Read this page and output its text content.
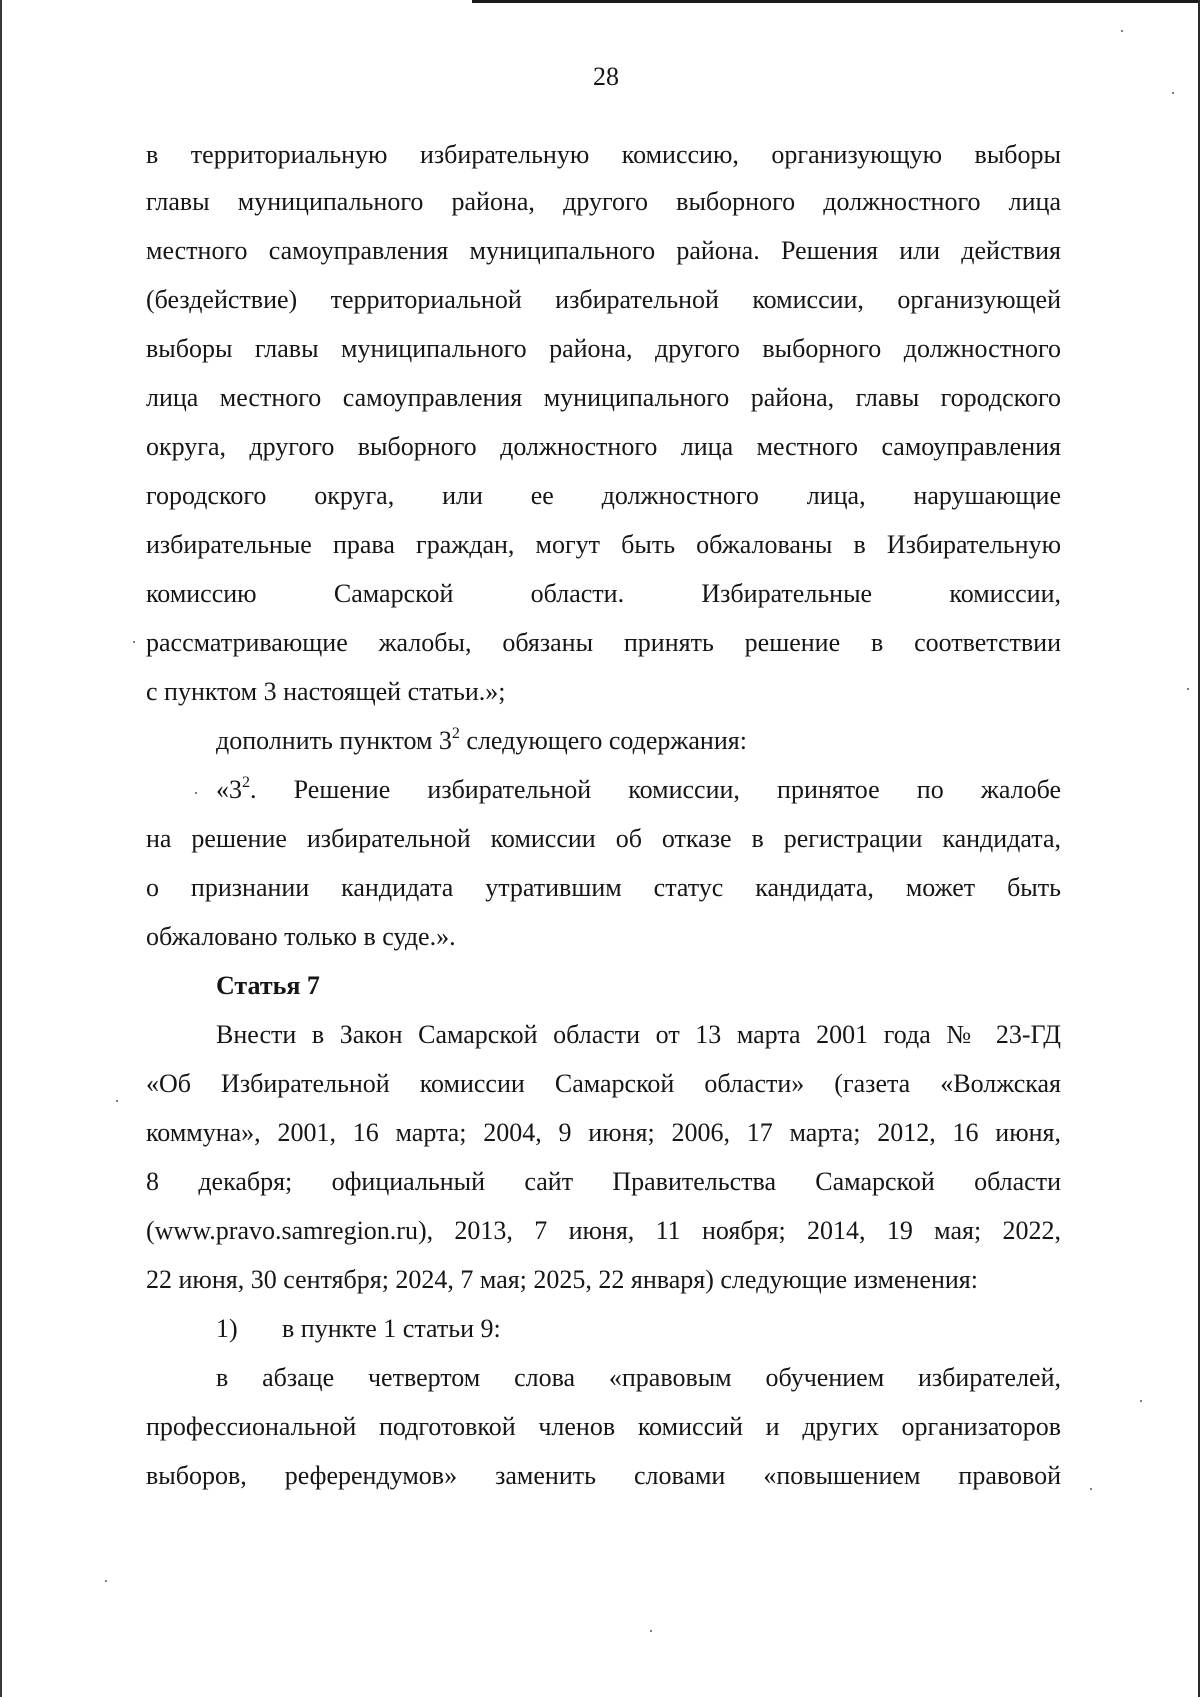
28
в территориальную избирательную комиссию, организующую выборы
главы муниципального района, другого выборного должностного лица
местного самоуправления муниципального района. Решения или действия
(бездействие) территориальной избирательной комиссии, организующей
выборы главы муниципального района, другого выборного должностного
лица местного самоуправления муниципального района, главы городского
округа, другого выборного должностного лица местного самоуправления
городского округа, или ее должностного лица, нарушающие
избирательные права граждан, могут быть обжалованы в Избирательную
комиссию Самарской области. Избирательные комиссии,
рассматривающие жалобы, обязаны принять решение в соответствии
с пунктом 3 настоящей статьи.»;
дополнить пунктом $3^2$ следующего содержания:
«$3^2$. Решение избирательной комиссии, принятое по жалобе
на решение избирательной комиссии об отказе в регистрации кандидата,
о признании кандидата утратившим статус кандидата, может быть
обжаловано только в суде.».
Статья 7
Внести в Закон Самарской области от 13 марта 2001 года № 23-ГД
«Об Избирательной комиссии Самарской области» (газета «Волжская
коммуна», 2001, 16 марта; 2004, 9 июня; 2006, 17 марта; 2012, 16 июня,
8 декабря; официальный сайт Правительства Самарской области
(www.pravo.samregion.ru), 2013, 7 июня, 11 ноября; 2014, 19 мая; 2022,
22 июня, 30 сентября; 2024, 7 мая; 2025, 22 января) следующие изменения:
1) в пункте 1 статьи 9:
в абзаце четвертом слова «правовым обучением избирателей,
профессиональной подготовкой членов комиссий и других организаторов
выборов, референдумов» заменить словами «повышением правовой
